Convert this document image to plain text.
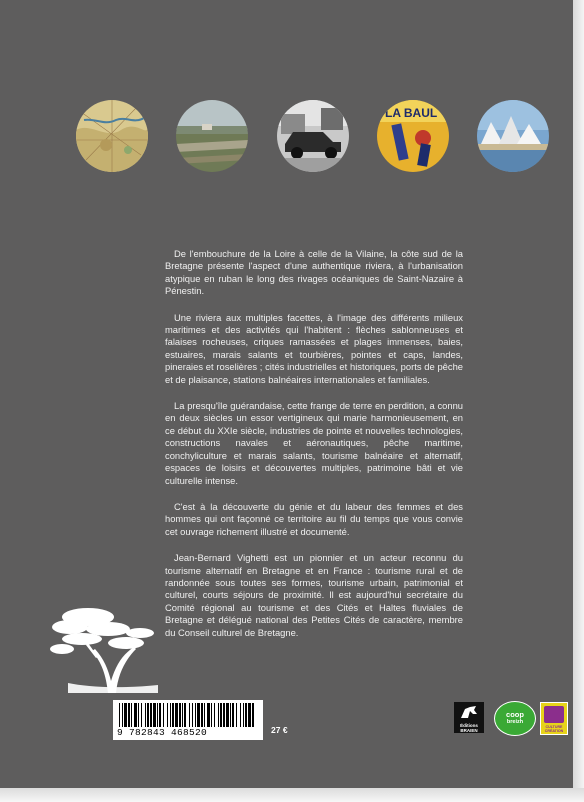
LA BAUL

De l'embouchure de la Loire à celle de la Vilaine, la côte sud de la Bretagne présente l'aspect d'une authentique riviera, à l'urbanisation atypique en ruban le long des rivages océaniques de Saint-Nazaire à Pénestin.

Une riviera aux multiples facettes, à l'image des différents milieux maritimes et des activités qui l'habitent : flèches sablonneuses et falaises rocheuses, criques ramassées et plages immenses, baies, estuaires, marais salants et tourbières, pointes et caps, landes, pineraies et roselières ; cités industrielles et historiques, ports de pêche et de plaisance, stations balnéaires internationales et familiales.

La presqu'île guérandaise, cette frange de terre en perdition, a connu en deux siècles un essor vertigineux qui marie harmonieusement, en ce début du XXIe siècle, industries de pointe et nouvelles technologies, constructions navales et aéronautiques, pêche maritime, conchyliculture et marais salants, tourisme balnéaire et alternatif, espaces de loisirs et découvertes multiples, patrimoine bâti et vie culturelle intense.

C'est à la découverte du génie et du labeur des femmes et des hommes qui ont façonné ce territoire au fil du temps que vous convie cet ouvrage richement illustré et documenté.

Jean-Bernard Vighetti est un pionnier et un acteur reconnu du tourisme alternatif en Bretagne et en France : tourisme rural et de randonnée sous toutes ses formes, tourisme urbain, patrimonial et culturel, courts séjours de proximité. Il est aujourd'hui secrétaire du Comité régional au tourisme et des Cités et Haltes fluviales de Bretagne et délégué national des Petites Cités de caractère, membre du Conseil culturel de Bretagne.

9 782843 468520	27 €	Éditions
BRAIEN
coop
breizh
CULTURE
CRÉATION
